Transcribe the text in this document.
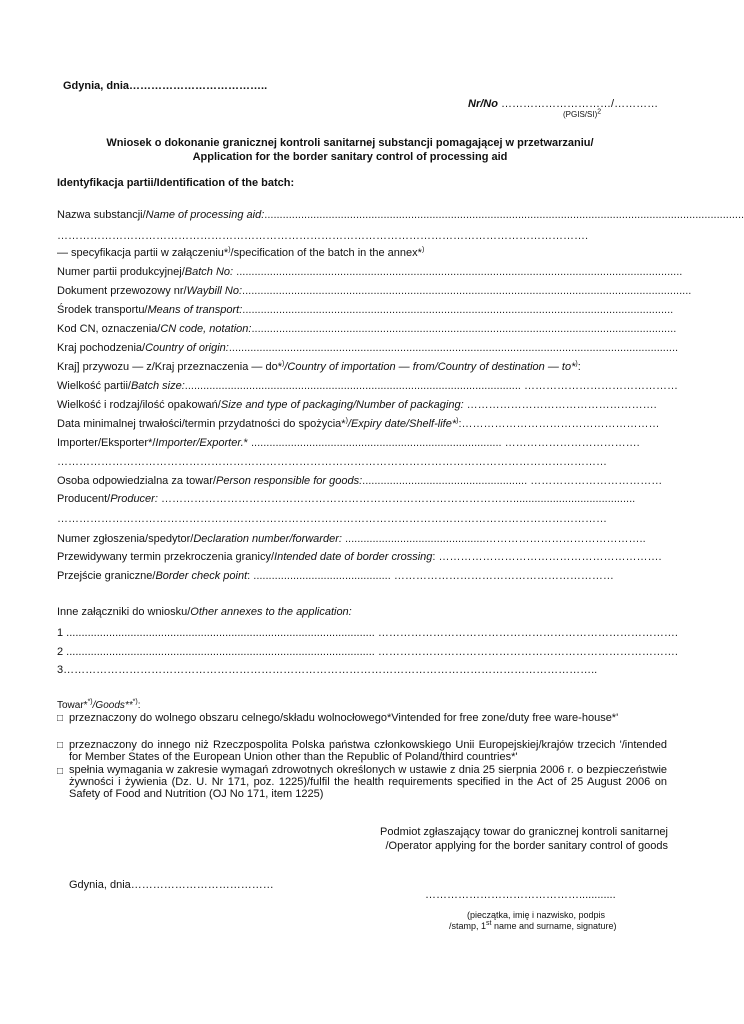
Gdynia, dnia………………………………..
Nr/No …………………………/…………
(PGIS/SI)$^2$
Wniosek o dokonanie granicznej kontroli sanitarnej substancji pomagającej w przetwarzaniu/
Application for the border sanitary control of processing aid
Identyfikacja partii/Identification of the batch:
Nazwa substancji/Name of processing aid:.............................................................................................................................................................
……………………………………………………………………………………………………………………………….
— specyfikacja partii w załączeniu*)/specification of the batch in the annex*)
Numer partii produkcyjnej/Batch No: ..................................................................................................................................................
Dokument przewozowy nr/Waybill No:...................................................................................................................................................
Środek transportu/Means of transport:.............................................................................................................................................
Kod CN, oznaczenia/CN code, notation:...........................................................................................................................................
Kraj pochodzenia/Country of origin:...................................................................................................................................................
Kraj] przywozu — z/Kraj przeznaczenia — do*)/Country of importation — from/Country of destination — to*):
Wielkość partii/Batch size:.............................................................................................................. ……………………………………
Wielkość i rodzaj/ilość opakowań/Size and type of packaging/Number of packaging: …………………………………………….
Data minimalnej trwałości/termin przydatności do spożycia*)/Expiry date/Shelf-life*):………………………………………………
Importer/Eksporter*/Importer/Exporter.* .................................................................................. ……………………………….
……………………………………………………………………………………………………………………………………
Osoba odpowiedzialna za towar/Person responsible for goods:...................................................... ………………………………
Producent/Producer: ……………………………………………………………………………………........................................
……………………………………………………………………………………………………………………………………
Numer zgłoszenia/spedytor/Declaration number/forwarder: ..............................................……………………………………..
Przewidywany termin przekroczenia granicy/Intended date of border crossing: …………………………………………………….
Przejście graniczne/Border check point: ............................................. ……………………………………………………
Inne załączniki do wniosku/Other annexes to the application:
1 ..................................................................................................... ……………………………………………………………………….
2 ..................................................................................................... ……………………………………………………………………….
3………………………………………………………………………………………………………………………………..
Towar**)/Goods***):
□ przeznaczony do wolnego obszaru celnego/składu wolnocłowego*Vintended for free zone/duty free ware-house*'
□ przeznaczony do innego niż Rzeczpospolita Polska państwa członkowskiego Unii Europejskiej/krajów trzecich '/intended for Member States of the European Union other than the Republic of Poland/third countries*'
□ spełnia wymagania w zakresie wymagań zdrowotnych określonych w ustawie z dnia 25 sierpnia 2006 r. o bezpieczeństwie żywności i żywienia (Dz. U. Nr 171, poz. 1225)/fulfil the health requirements specified in the Act of 25 August 2006 on Safety of Food and Nutrition (OJ No 171, item 1225)
Podmiot zgłaszający towar do granicznej kontroli sanitarnej
/Operator applying for the border sanitary control of goods
Gdynia, dnia…………………………………
……………………………………............
(pieczątka, imię i nazwisko, podpis
/stamp, 1st name and surname, signature)
